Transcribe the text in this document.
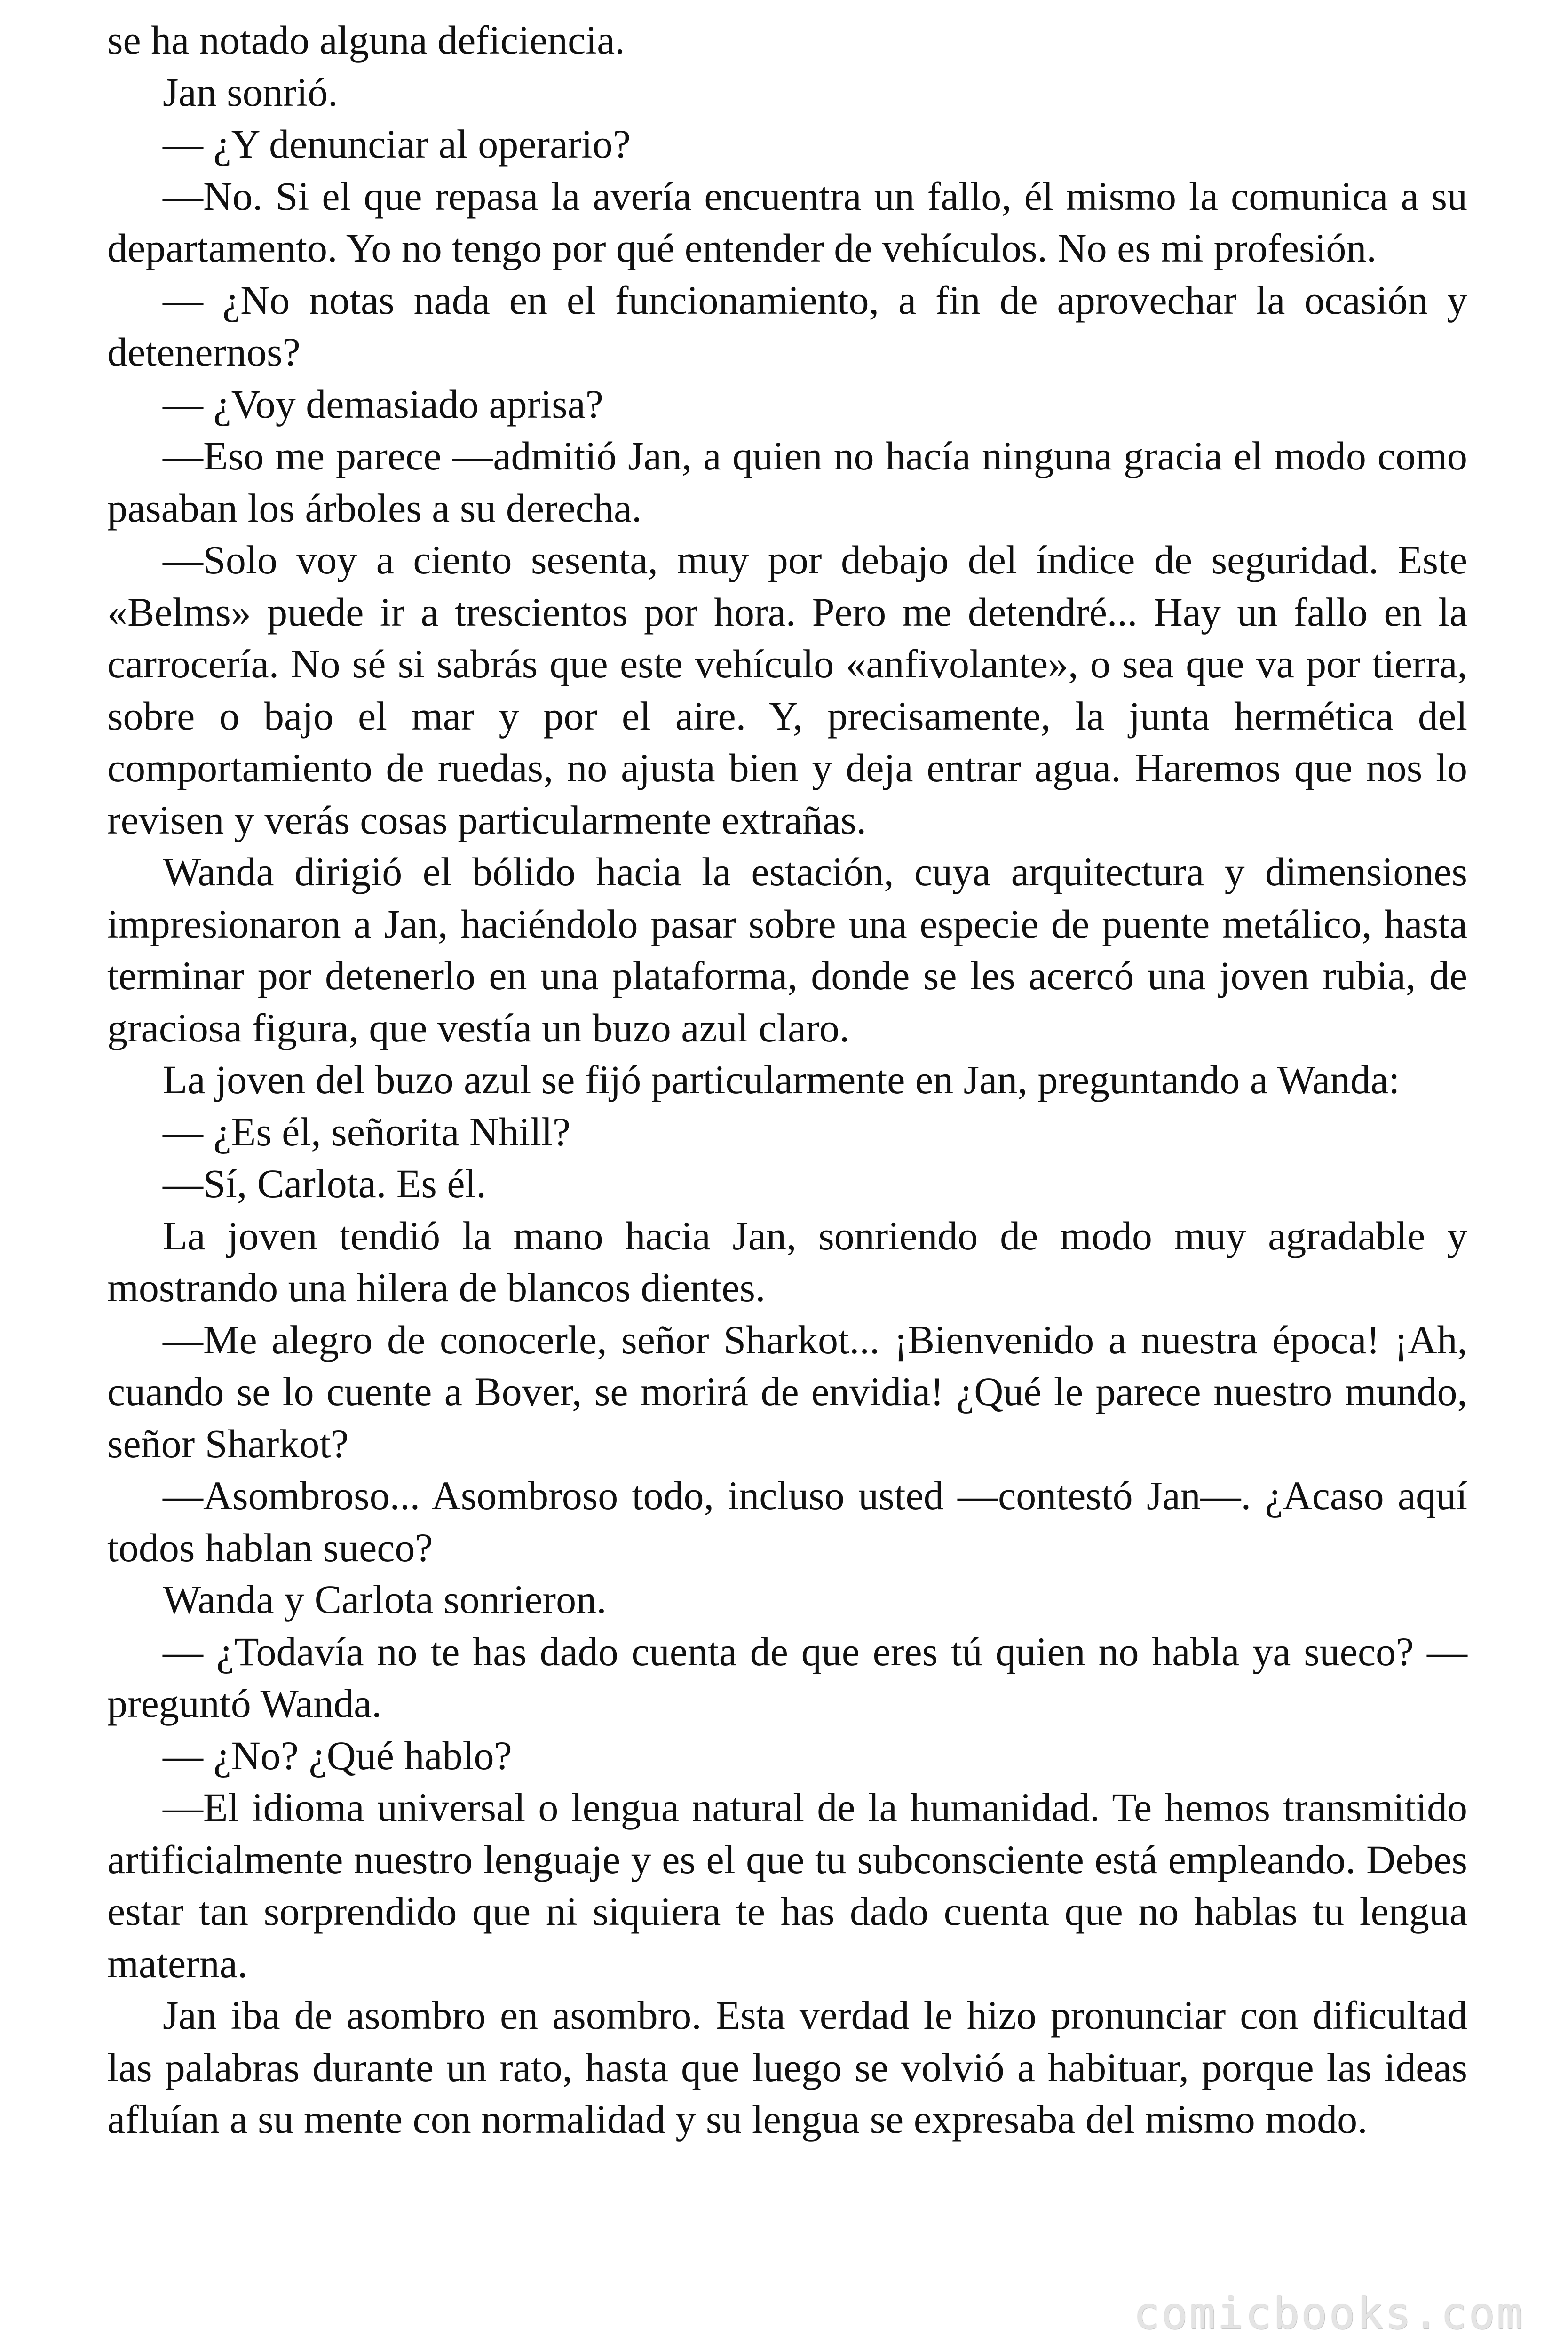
se ha notado alguna deficiencia.

Jan sonrió.

— ¿Y denunciar al operario?

—No. Si el que repasa la avería encuentra un fallo, él mismo la comunica a su departamento. Yo no tengo por qué entender de vehículos. No es mi profesión.

— ¿No notas nada en el funcionamiento, a fin de aprovechar la ocasión y detenernos?

— ¿Voy demasiado aprisa?

—Eso me parece —admitió Jan, a quien no hacía ninguna gracia el modo como pasaban los árboles a su derecha.

—Solo voy a ciento sesenta, muy por debajo del índice de seguridad. Este «Belms» puede ir a trescientos por hora. Pero me detendré... Hay un fallo en la carrocería. No sé si sabrás que este vehículo «anfivolante», o sea que va por tierra, sobre o bajo el mar y por el aire. Y, precisamente, la junta hermética del comportamiento de ruedas, no ajusta bien y deja entrar agua. Haremos que nos lo revisen y verás cosas particularmente extrañas.

Wanda dirigió el bólido hacia la estación, cuya arquitectura y dimensiones impresionaron a Jan, haciéndolo pasar sobre una especie de puente metálico, hasta terminar por detenerlo en una plataforma, donde se les acercó una joven rubia, de graciosa figura, que vestía un buzo azul claro.

La joven del buzo azul se fijó particularmente en Jan, preguntando a Wanda:

— ¿Es él, señorita Nhill?

—Sí, Carlota. Es él.

La joven tendió la mano hacia Jan, sonriendo de modo muy agradable y mostrando una hilera de blancos dientes.

—Me alegro de conocerle, señor Sharkot... ¡Bienvenido a nuestra época! ¡Ah, cuando se lo cuente a Bover, se morirá de envidia! ¿Qué le parece nuestro mundo, señor Sharkot?

—Asombroso... Asombroso todo, incluso usted —contestó Jan—. ¿Acaso aquí todos hablan sueco?

Wanda y Carlota sonrieron.

— ¿Todavía no te has dado cuenta de que eres tú quien no habla ya sueco? —preguntó Wanda.

— ¿No? ¿Qué hablo?

—El idioma universal o lengua natural de la humanidad. Te hemos transmitido artificialmente nuestro lenguaje y es el que tu subconsciente está empleando. Debes estar tan sorprendido que ni siquiera te has dado cuenta que no hablas tu lengua materna.

Jan iba de asombro en asombro. Esta verdad le hizo pronunciar con dificultad las palabras durante un rato, hasta que luego se volvió a habituar, porque las ideas afluían a su mente con normalidad y su lengua se expresaba del mismo modo.

comicbooks.com
